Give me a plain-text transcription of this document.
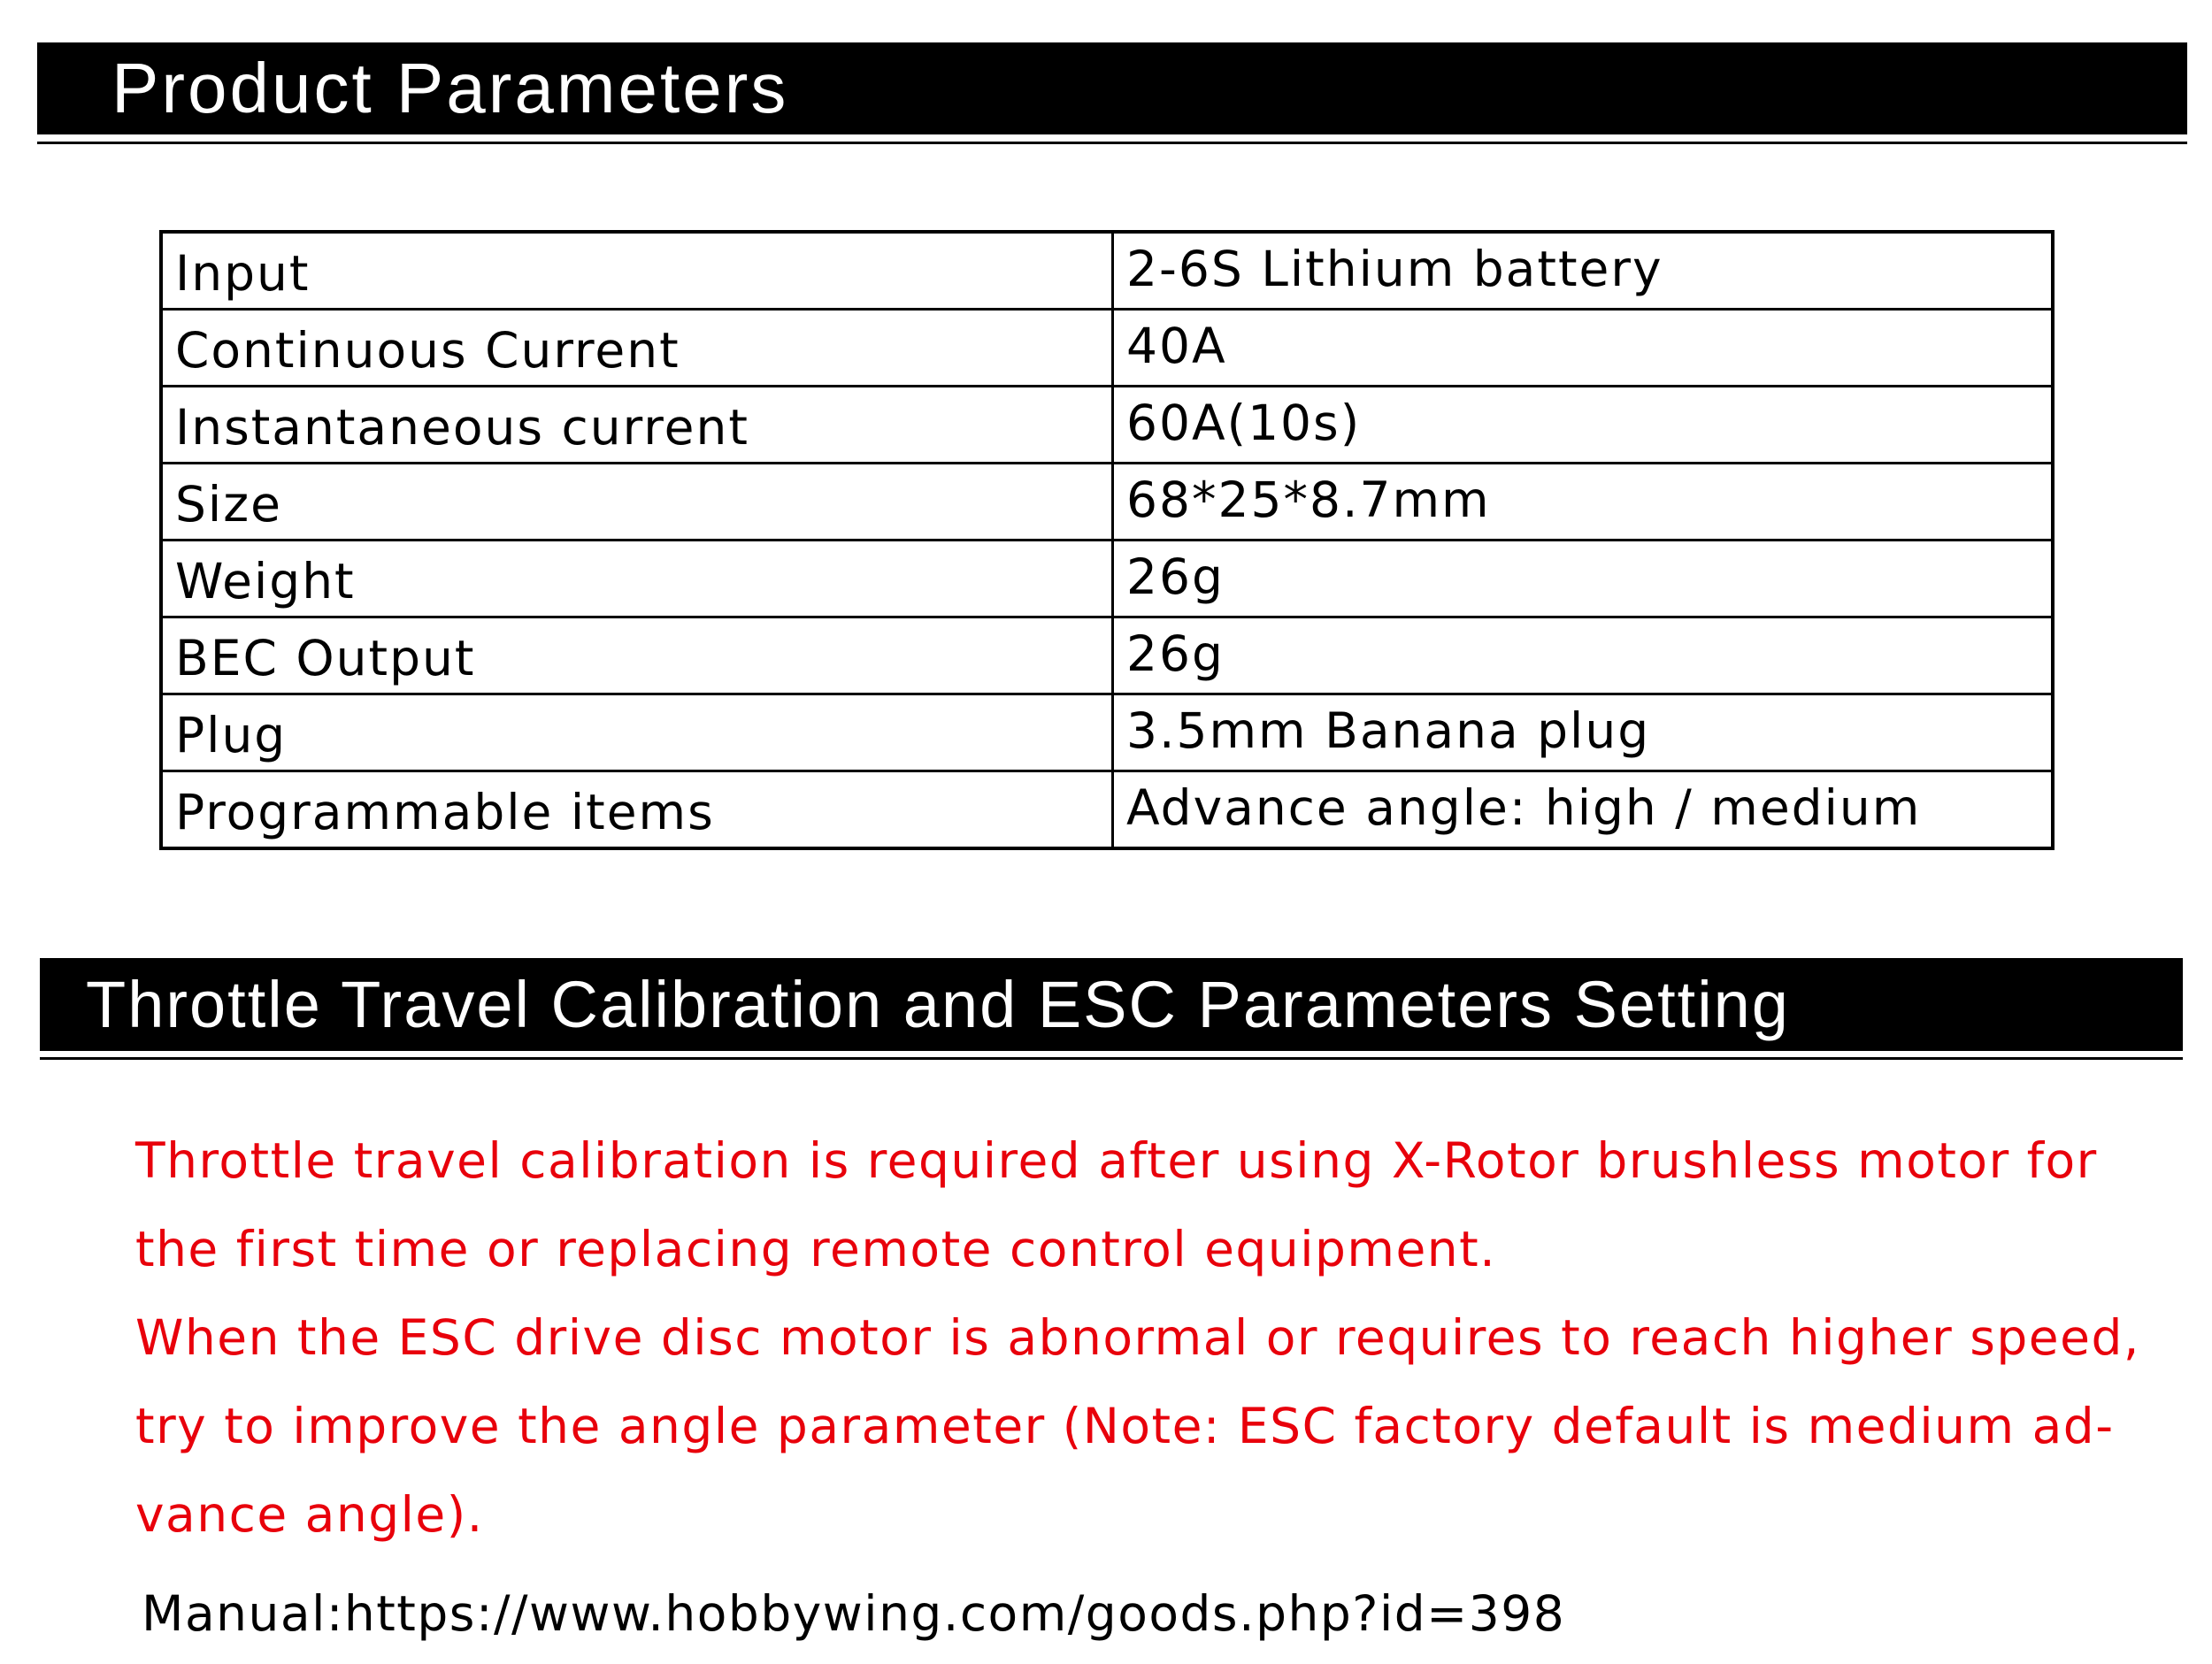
Product Parameters
Input	2-6S Lithium battery
Continuous Current	40A
Instantaneous current	60A(10s)
Size	68*25*8.7mm
Weight	26g
BEC Output	26g
Plug	3.5mm Banana plug
Programmable items	Advance angle: high / medium
Throttle Travel Calibration and ESC Parameters Setting

Throttle travel calibration is required after using X-Rotor brushless motor for

the first time or replacing remote control equipment.

When the ESC drive disc motor is abnormal or requires to reach higher speed,

try to improve the angle parameter (Note: ESC factory default is medium ad-

vance angle).

Manual:https://www.hobbywing.com/goods.php?id=398
